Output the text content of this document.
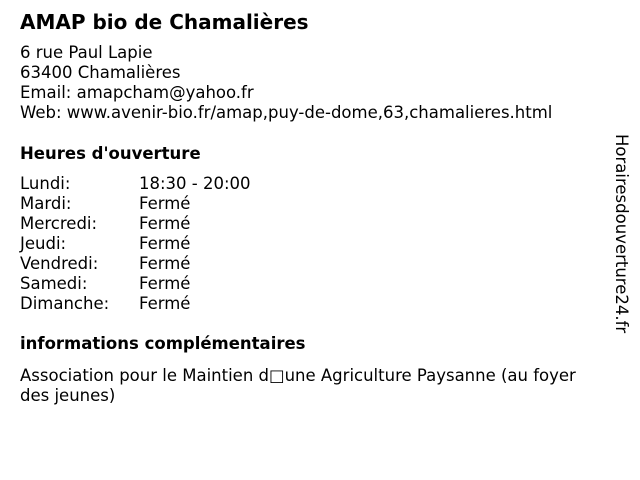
AMAP bio de Chamalières
6 rue Paul Lapie
63400 Chamalières
Email: amapcham@yahoo.fr
Web: www.avenir-bio.fr/amap,puy-de-dome,63,chamalieres.html
Heures d'ouverture
Lundi:	18:30 - 20:00
Mardi:	Fermé
Mercredi:	Fermé
Jeudi:	Fermé
Vendredi:	Fermé
Samedi:	Fermé
Dimanche:	Fermé
informations complémentaires
Association pour le Maintien d□une Agriculture Paysanne (au foyer des jeunes)
Horairesdouverture24.fr
